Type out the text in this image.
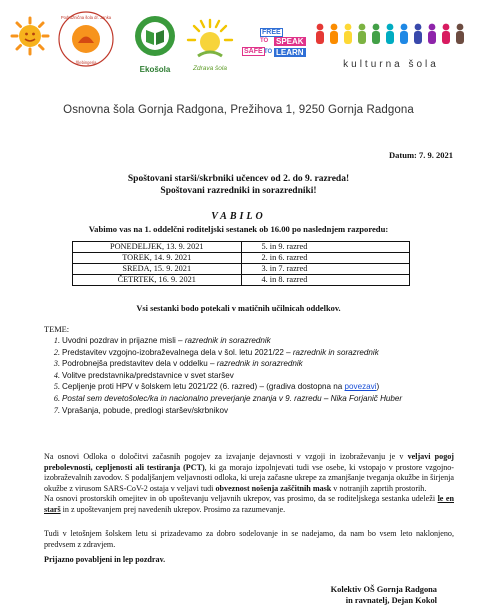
Podružnična šola dr. Janka
Šlebingerja
Ekošola	Zdrava šola
FREE
TO SPEAK
SAFE TO LEARN
kulturna šola
Osnovna šola Gornja Radgona, Prežihova 1, 9250 Gornja Radgona
Datum: 7. 9. 2021
Spoštovani starši/skrbniki učencev od 2. do 9. razreda!
Spoštovani razredniki in sorazredniki!
VABILO
Vabimo vas na 1. oddelčni roditeljski sestanek ob 16.00 po naslednjem razporedu:
PONEDELJEK, 13. 9. 2021	5. in 9. razred
TOREK, 14. 9. 2021	2. in 6. razred
SREDA, 15. 9. 2021	3. in 7. razred
ČETRTEK, 16. 9. 2021	4. in 8. razred
Vsi sestanki bodo potekali v matičnih učilnicah oddelkov.
TEME:
1. Uvodni pozdrav in prijazne misli – razrednik in sorazrednik
2. Predstavitev vzgojno-izobraževalnega dela v šol. letu 2021/22 – razrednik in sorazrednik
3. Podrobnejša predstavitev dela v oddelku – razrednik in sorazrednik
4. Volitve predstavnika/predstavnice v svet staršev
5. Cepljenje proti HPV v šolskem letu 2021/22 (6. razred) – (gradiva dostopna na povezavi)
6. Postal sem devetošolec/ka in nacionalno preverjanje znanja v 9. razredu – Nika Forjanič Huber
7. Vprašanja, pobude, predlogi staršev/skrbnikov
Na osnovi Odloka o določitvi začasnih pogojev za izvajanje dejavnosti v vzgoji in izobraževanju je v veljavi pogoj prebolevnosti, cepljenosti ali testiranja (PCT), ki ga morajo izpolnjevati tudi vse osebe, ki vstopajo v prostore vzgojno-izobraževalnih zavodov. S podaljšanjem veljavnosti odloka, ki ureja začasne ukrepe za zmanjšanje tveganja okužbe in širjenja okužbe z virusom SARS-CoV-2 ostaja v veljavi tudi obveznost nošenja zaščitnih mask v notranjih zaprtih prostorih.
Na osnovi prostorskih omejitev in ob upoštevanju veljavnih ukrepov, vas prosimo, da se roditeljskega sestanka udeleži le en starš in z upoštevanjem prej navedenih ukrepov. Prosimo za razumevanje.
Tudi v letošnjem šolskem letu si prizadevamo za dobro sodelovanje in se nadejamo, da nam bo vsem leto naklonjeno, predvsem z zdravjem.
Prijazno povabljeni in lep pozdrav.
Kolektiv OŠ Gornja Radgona
in ravnatelj, Dejan Kokol
